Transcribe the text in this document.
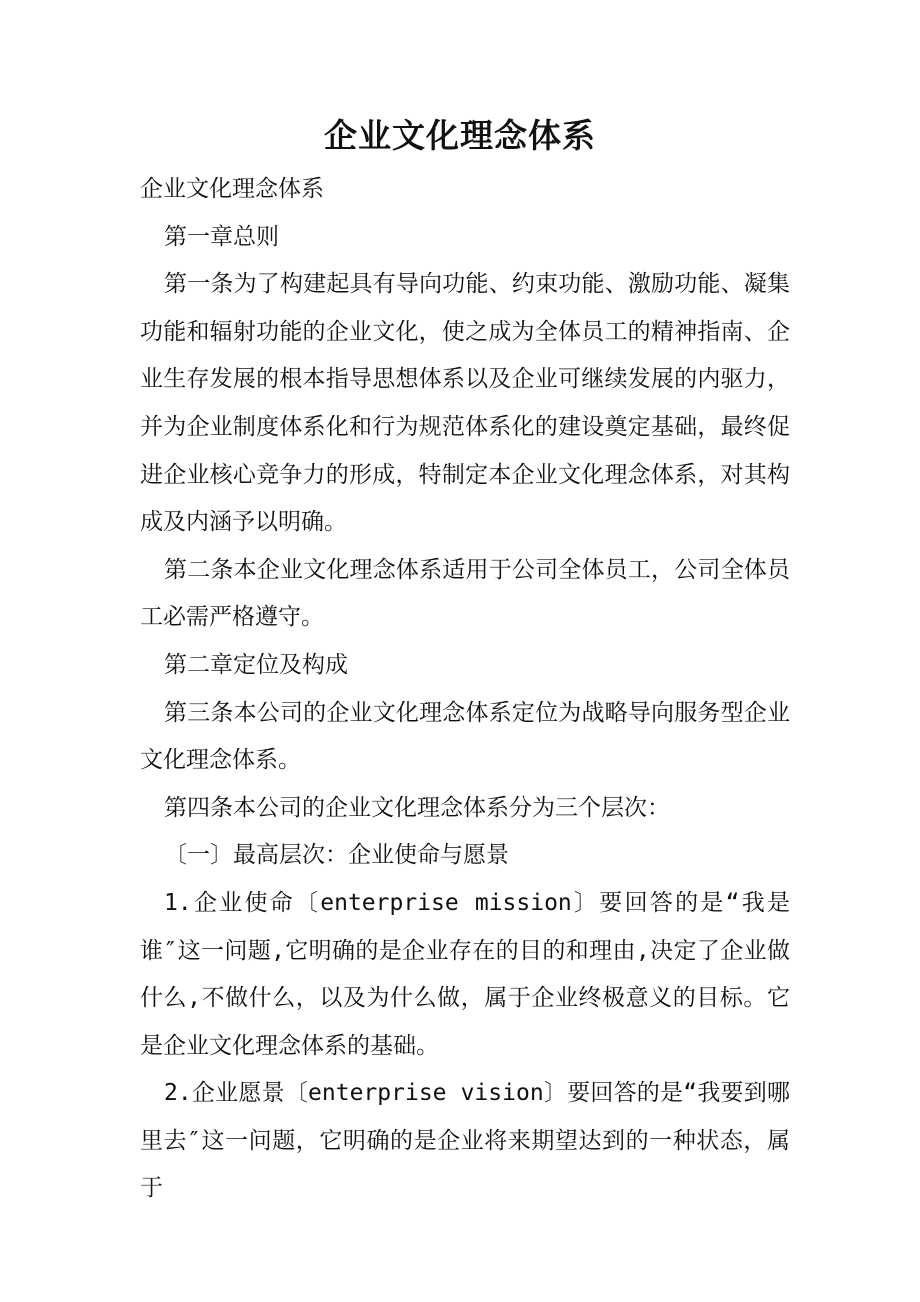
企业文化理念体系

企业文化理念体系

第一章总则

第一条为了构建起具有导向功能、约束功能、激励功能、凝集功能和辐射功能的企业文化，使之成为全体员工的精神指南、企业生存发展的根本指导思想体系以及企业可继续发展的内驱力，并为企业制度体系化和行为规范体系化的建设奠定基础，最终促进企业核心竞争力的形成，特制定本企业文化理念体系，对其构成及内涵予以明确。

第二条本企业文化理念体系适用于公司全体员工，公司全体员工必需严格遵守。

第二章定位及构成

第三条本公司的企业文化理念体系定位为战略导向服务型企业文化理念体系。

第四条本公司的企业文化理念体系分为三个层次：

〔一〕最高层次：企业使命与愿景

1.企业使命〔enterprise mission〕要回答的是“我是谁″这一问题,它明确的是企业存在的目的和理由,决定了企业做什么,不做什么，以及为什么做，属于企业终极意义的目标。它是企业文化理念体系的基础。

2.企业愿景〔enterprise vision〕要回答的是“我要到哪里去″这一问题，它明确的是企业将来期望达到的一种状态，属于
